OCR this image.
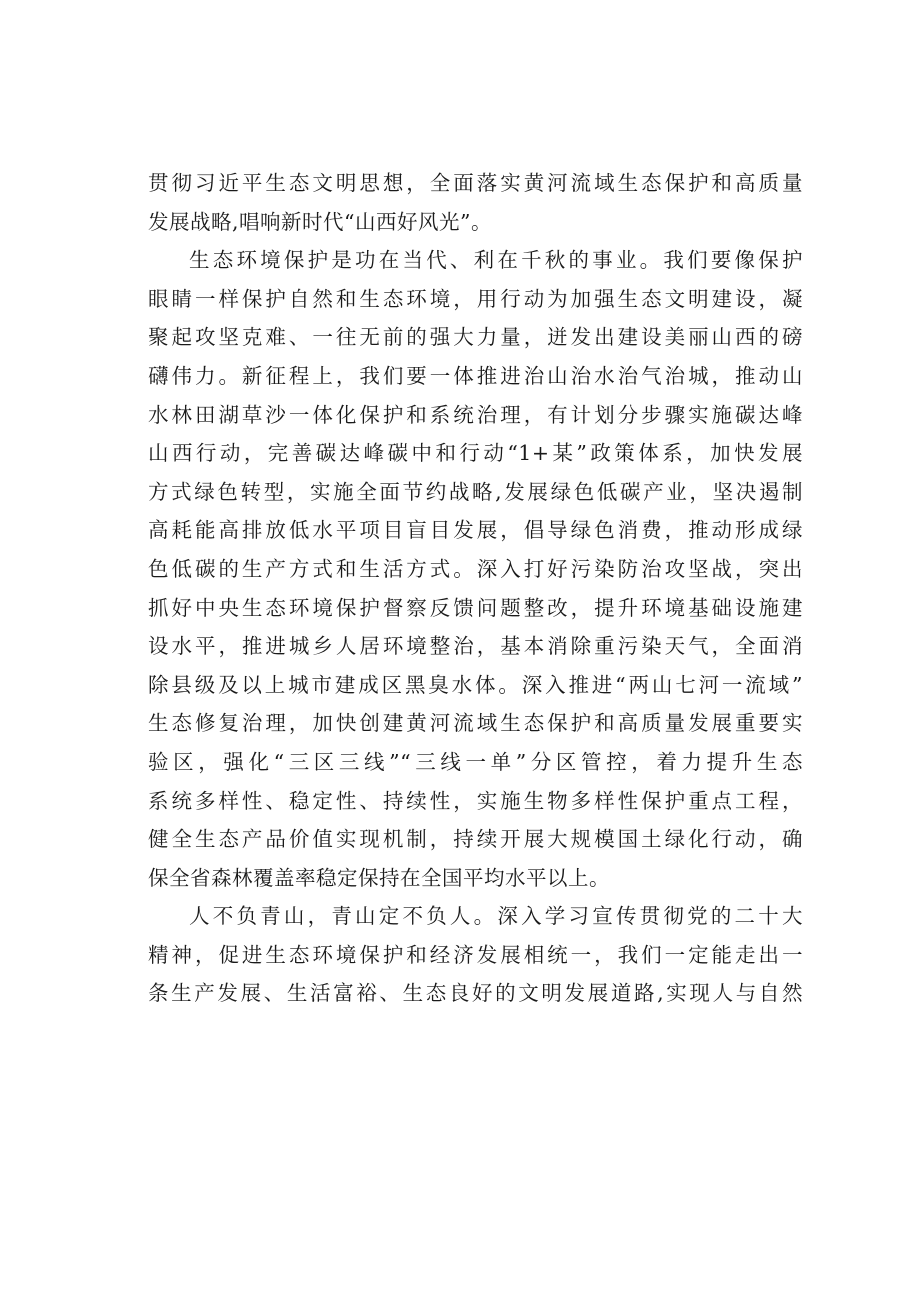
贯彻习近平生态文明思想，全面落实黄河流域生态保护和高质量
发展战略,唱响新时代“山西好风光”。

生态环境保护是功在当代、利在千秋的事业。我们要像保护
眼睛一样保护自然和生态环境，用行动为加强生态文明建设，凝
聚起攻坚克难、一往无前的强大力量，迸发出建设美丽山西的磅
礴伟力。新征程上，我们要一体推进治山治水治气治城，推动山
水林田湖草沙一体化保护和系统治理，有计划分步骤实施碳达峰
山西行动，完善碳达峰碳中和行动“1+某”政策体系，加快发展
方式绿色转型，实施全面节约战略,发展绿色低碳产业，坚决遏制
高耗能高排放低水平项目盲目发展，倡导绿色消费，推动形成绿
色低碳的生产方式和生活方式。深入打好污染防治攻坚战，突出
抓好中央生态环境保护督察反馈问题整改，提升环境基础设施建
设水平，推进城乡人居环境整治，基本消除重污染天气，全面消
除县级及以上城市建成区黑臭水体。深入推进“两山七河一流域”
生态修复治理，加快创建黄河流域生态保护和高质量发展重要实
验区，强化“三区三线”“三线一单”分区管控，着力提升生态
系统多样性、稳定性、持续性，实施生物多样性保护重点工程，
健全生态产品价值实现机制，持续开展大规模国土绿化行动，确
保全省森林覆盖率稳定保持在全国平均水平以上。

人不负青山，青山定不负人。深入学习宣传贯彻党的二十大
精神，促进生态环境保护和经济发展相统一，我们一定能走出一
条生产发展、生活富裕、生态良好的文明发展道路,实现人与自然
